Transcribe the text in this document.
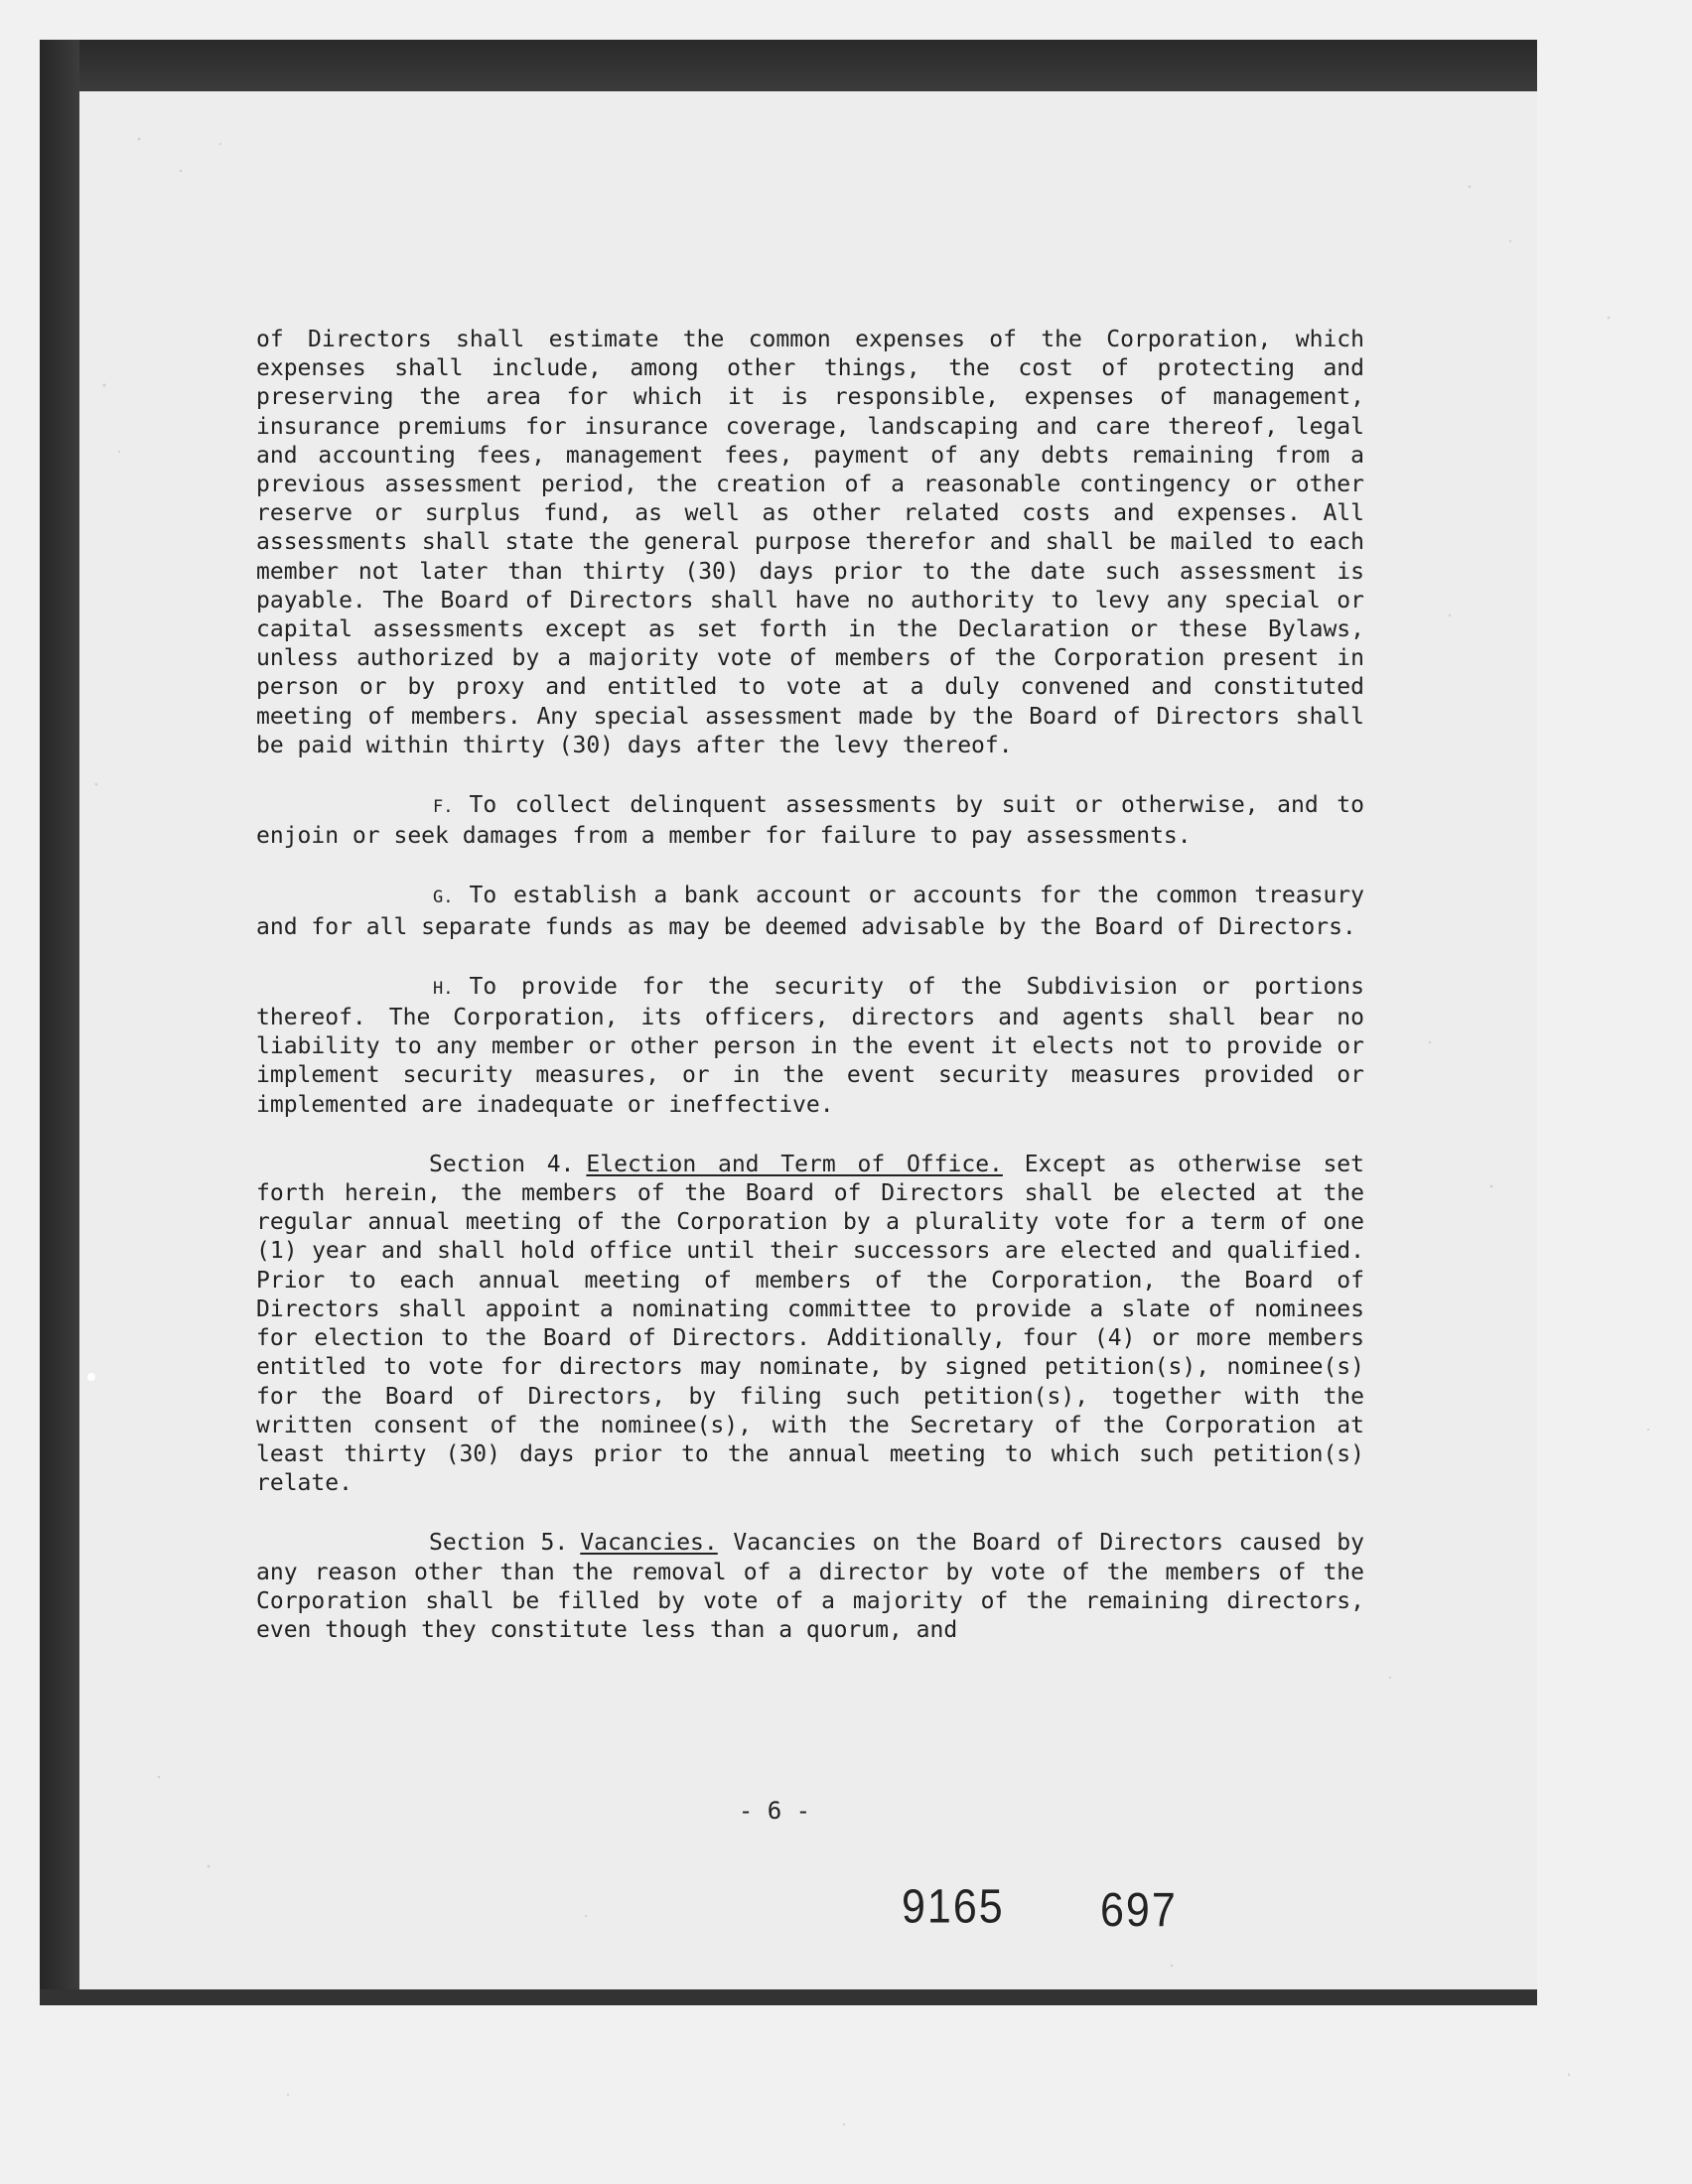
of Directors shall estimate the common expenses of the Corporation, which expenses shall include, among other things, the cost of protecting and preserving the area for which it is responsible, expenses of management, insurance premiums for insurance coverage, landscaping and care thereof, legal and accounting fees, management fees, payment of any debts remaining from a previous assessment period, the creation of a reasonable contingency or other reserve or surplus fund, as well as other related costs and expenses. All assessments shall state the general purpose therefor and shall be mailed to each member not later than thirty (30) days prior to the date such assessment is payable. The Board of Directors shall have no authority to levy any special or capital assessments except as set forth in the Declaration or these Bylaws, unless authorized by a majority vote of members of the Corporation present in person or by proxy and entitled to vote at a duly convened and constituted meeting of members. Any special assessment made by the Board of Directors shall be paid within thirty (30) days after the levy thereof.

F. To collect delinquent assessments by suit or otherwise, and to enjoin or seek damages from a member for failure to pay assessments.

G. To establish a bank account or accounts for the common treasury and for all separate funds as may be deemed advisable by the Board of Directors.

H. To provide for the security of the Subdivision or portions thereof. The Corporation, its officers, directors and agents shall bear no liability to any member or other person in the event it elects not to provide or implement security measures, or in the event security measures provided or implemented are inadequate or ineffective.

Section 4. Election and Term of Office. Except as otherwise set forth herein, the members of the Board of Directors shall be elected at the regular annual meeting of the Corporation by a plurality vote for a term of one (1) year and shall hold office until their successors are elected and qualified. Prior to each annual meeting of members of the Corporation, the Board of Directors shall appoint a nominating committee to provide a slate of nominees for election to the Board of Directors. Additionally, four (4) or more members entitled to vote for directors may nominate, by signed petition(s), nominee(s) for the Board of Directors, by filing such petition(s), together with the written consent of the nominee(s), with the Secretary of the Corporation at least thirty (30) days prior to the annual meeting to which such petition(s) relate.

Section 5. Vacancies. Vacancies on the Board of Directors caused by any reason other than the removal of a director by vote of the members of the Corporation shall be filled by vote of a majority of the remaining directors, even though they constitute less than a quorum, and

- 6 -
9165 697
